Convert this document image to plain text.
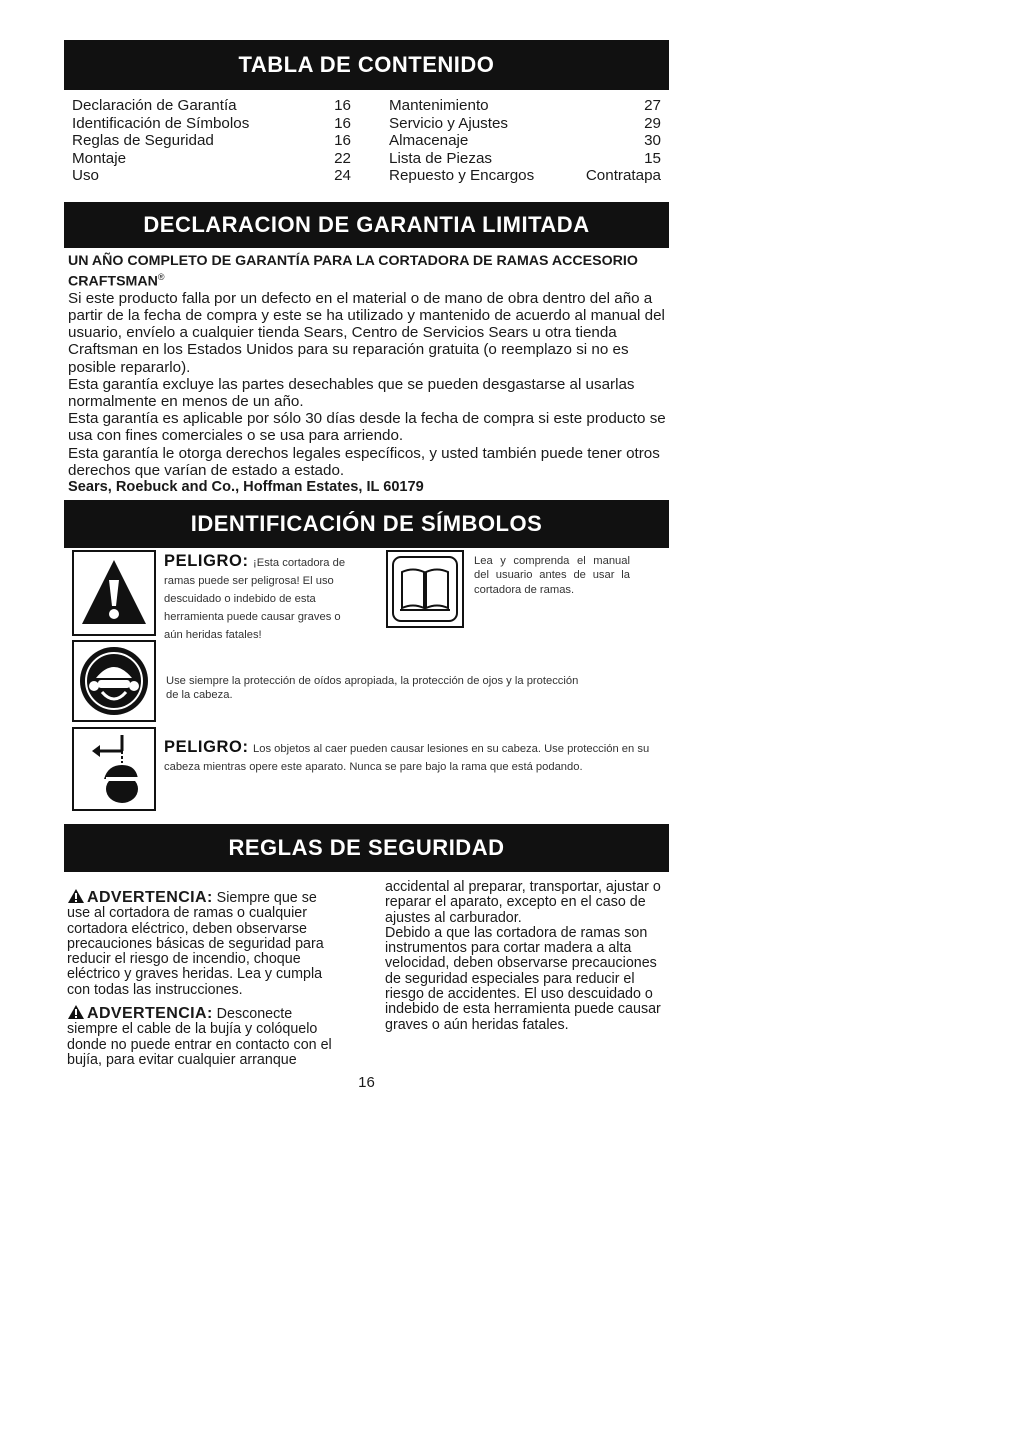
TABLA DE CONTENIDO
Declaración de Garantía	16
Identificación de Símbolos	16
Reglas de Seguridad	16
Montaje	22
Uso	24
Mantenimiento	27
Servicio y Ajustes	29
Almacenaje	30
Lista de Piezas	15
Repuesto y Encargos	Contratapa
DECLARACION DE GARANTIA LIMITADA
UN AÑO COMPLETO DE GARANTÍA PARA LA CORTADORA DE RAMAS ACCESORIO CRAFTSMAN®

Si este producto falla por un defecto en el material o de mano de obra dentro del año a partir de la fecha de compra y este se ha utilizado y mantenido de acuerdo al manual del usuario, envíelo a cualquier tienda Sears, Centro de Servicios Sears u otra tienda Craftsman en los Estados Unidos para su reparación gratuita (o reemplazo si no es posible repararlo).

Esta garantía excluye las partes desechables que se pueden desgastarse al usarlas normalmente en menos de un año.

Esta garantía es aplicable por sólo 30 días desde la fecha de compra si este producto se usa con fines comerciales o se usa para arriendo.

Esta garantía le otorga derechos legales específicos, y usted también puede tener otros derechos que varían de estado a estado.

Sears, Roebuck and Co., Hoffman Estates, IL 60179
IDENTIFICACIÓN DE SÍMBOLOS
PELIGRO: ¡Esta cortadora de ramas puede ser peligrosa! El uso descuidado o indebido de esta herramienta puede causar graves o aún heridas fatales!
Lea y comprenda el manual del usuario antes de usar la cortadora de ramas.
Use siempre la protección de oídos apropiada, la protección de ojos y la protección de la cabeza.
PELIGRO: Los objetos al caer pueden causar lesiones en su cabeza. Use protección en su cabeza mientras opere este aparato. Nunca se pare bajo la rama que está podando.
REGLAS DE SEGURIDAD

ADVERTENCIA: Siempre que se use al cortadora de ramas o cualquier cortadora eléctrico, deben observarse precauciones básicas de seguridad para reducir el riesgo de incendio, choque eléctrico y graves heridas. Lea y cumpla con todas las instrucciones.

ADVERTENCIA: Desconecte siempre el cable de la bujía y colóquelo donde no puede entrar en contacto con el bujía, para evitar cualquier arranque

accidental al preparar, transportar, ajustar o reparar el aparato, excepto en el caso de ajustes al carburador.

Debido a que las cortadora de ramas son instrumentos para cortar madera a alta velocidad, deben observarse precauciones de seguridad especiales para reducir el riesgo de accidentes. El uso descuidado o indebido de esta herramienta puede causar graves o aún heridas fatales.

16
